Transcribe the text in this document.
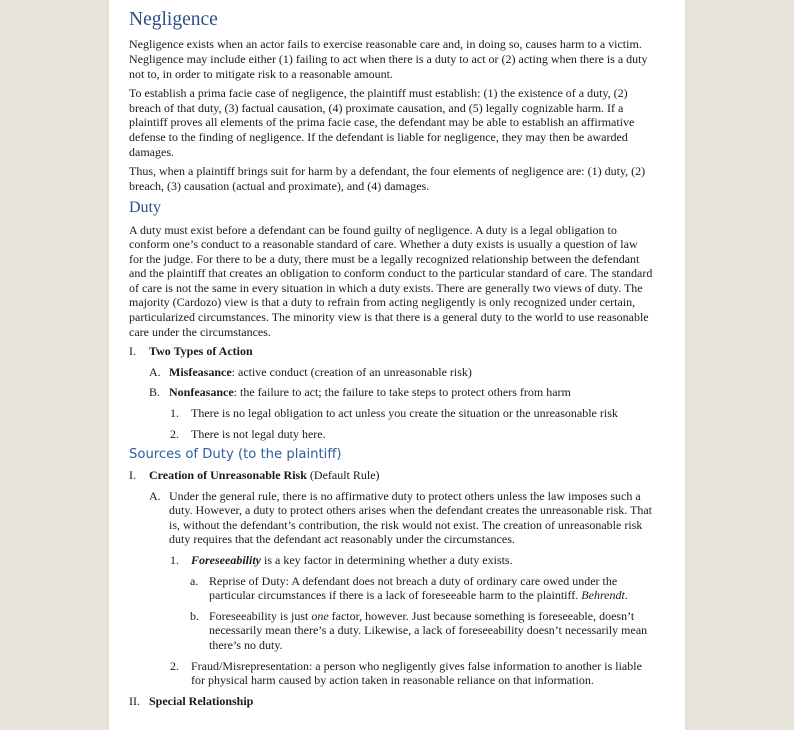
Negligence

Negligence exists when an actor fails to exercise reasonable care and, in doing so, causes harm to a victim. Negligence may include either (1) failing to act when there is a duty to act or (2) acting when there is a duty not to, in order to mitigate risk to a reasonable amount.

To establish a prima facie case of negligence, the plaintiff must establish: (1) the existence of a duty, (2) breach of that duty, (3) factual causation, (4) proximate causation, and (5) legally cognizable harm. If a plaintiff proves all elements of the prima facie case, the defendant may be able to establish an affirmative defense to the finding of negligence. If the defendant is liable for negligence, they may then be awarded damages.

Thus, when a plaintiff brings suit for harm by a defendant, the four elements of negligence are: (1) duty, (2) breach, (3) causation (actual and proximate), and (4) damages.

Duty

A duty must exist before a defendant can be found guilty of negligence. A duty is a legal obligation to conform one’s conduct to a reasonable standard of care. Whether a duty exists is usually a question of law for the judge. For there to be a duty, there must be a legally recognized relationship between the defendant and the plaintiff that creates an obligation to conform conduct to the particular standard of care. The standard of care is not the same in every situation in which a duty exists. There are generally two views of duty. The majority (Cardozo) view is that a duty to refrain from acting negligently is only recognized under certain, particularized circumstances. The minority view is that there is a general duty to the world to use reasonable care under the circumstances.

I. Two Types of Action
A. Misfeasance: active conduct (creation of an unreasonable risk)
B. Nonfeasance: the failure to act; the failure to take steps to protect others from harm
1. There is no legal obligation to act unless you create the situation or the unreasonable risk
2. There is not legal duty here.
Sources of Duty (to the plaintiff)
I. Creation of Unreasonable Risk (Default Rule)
A. Under the general rule, there is no affirmative duty to protect others unless the law imposes such a duty. However, a duty to protect others arises when the defendant creates the unreasonable risk. That is, without the defendant’s contribution, the risk would not exist. The creation of unreasonable risk duty requires that the defendant act reasonably under the circumstances.
1. Foreseeability is a key factor in determining whether a duty exists.
a. Reprise of Duty: A defendant does not breach a duty of ordinary care owed under the particular circumstances if there is a lack of foreseeable harm to the plaintiff. Behrendt.
b. Foreseeability is just one factor, however. Just because something is foreseeable, doesn’t necessarily mean there’s a duty. Likewise, a lack of foreseeability doesn’t necessarily mean there’s no duty.
2. Fraud/Misrepresentation: a person who negligently gives false information to another is liable for physical harm caused by action taken in reasonable reliance on that information.
II. Special Relationship
